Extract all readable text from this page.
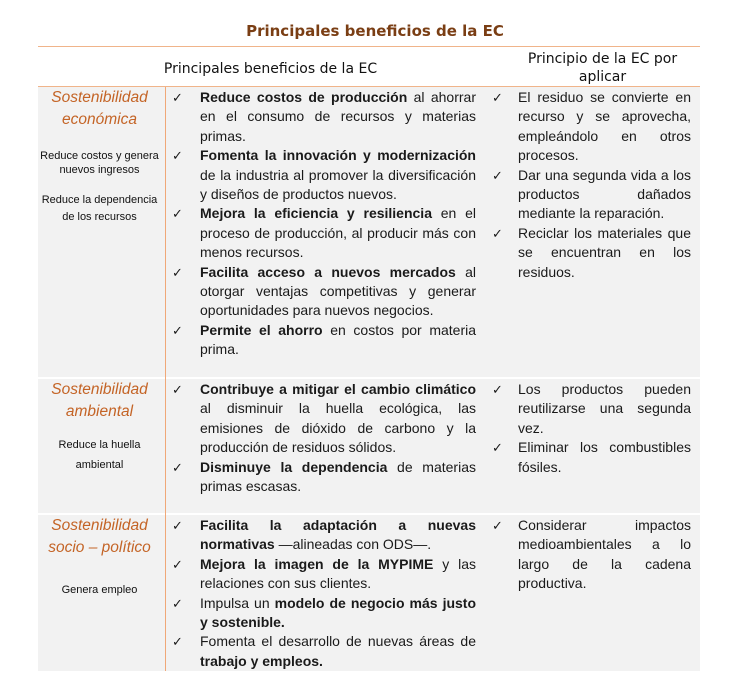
Principales beneficios de la EC
Principales beneficios de la EC
Principio de la EC por aplicar
Sostenibilidad económica
Reduce costos y genera nuevos ingresos
Reduce la dependencia de los recursos
✓ Reduce costos de producción al ahorrar en el consumo de recursos y materias primas.
✓ Fomenta la innovación y modernización de la industria al promover la diversificación y diseños de productos nuevos.
✓ Mejora la eficiencia y resiliencia en el proceso de producción, al producir más con menos recursos.
✓ Facilita acceso a nuevos mercados al otorgar ventajas competitivas y generar oportunidades para nuevos negocios.
✓ Permite el ahorro en costos por materia prima.
✓ El residuo se convierte en recurso y se aprovecha, empleándolo en otros procesos.
✓ Dar una segunda vida a los productos dañados mediante la reparación.
✓ Reciclar los materiales que se encuentran en los residuos.
Sostenibilidad ambiental
Reduce la huella ambiental
✓ Contribuye a mitigar el cambio climático al disminuir la huella ecológica, las emisiones de dióxido de carbono y la producción de residuos sólidos.
✓ Disminuye la dependencia de materias primas escasas.
✓ Los productos pueden reutilizarse una segunda vez.
✓ Eliminar los combustibles fósiles.
Sostenibilidad socio – político
Genera empleo
✓ Facilita la adaptación a nuevas normativas —alineadas con ODS—.
✓ Mejora la imagen de la MYPIME y las relaciones con sus clientes.
✓ Impulsa un modelo de negocio más justo y sostenible.
✓ Fomenta el desarrollo de nuevas áreas de trabajo y empleos.
✓ Considerar impactos medioambientales a lo largo de la cadena productiva.
